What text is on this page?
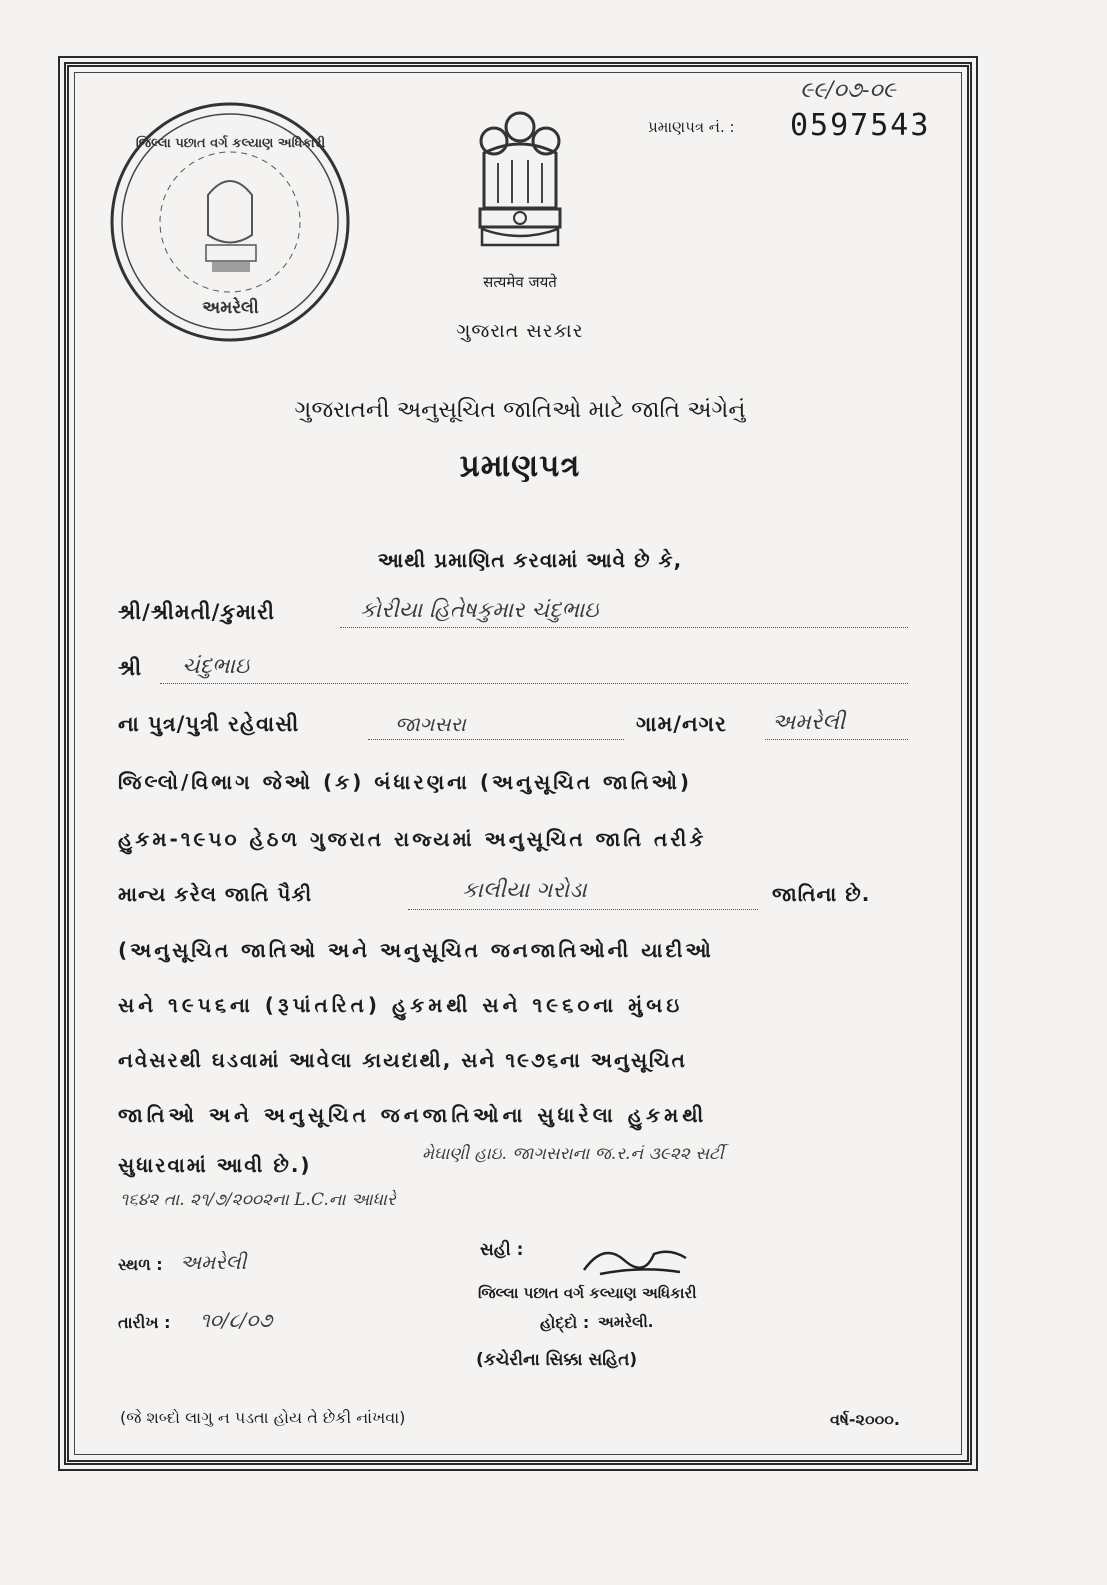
જિલ્લા પછાત વર્ગ કલ્યાણ અધિકારી
અમરેલી
सत्यमेव जयते
ગુજરાત સરકાર
૯૯/૦૭-૦૯
પ્રમાણપત્ર નં. : 0597543
ગુજરાતની અનુસૂચિત જાતિઓ માટે જાતિ અંગેનું
પ્રમાણપત્ર
આથી પ્રમાણિત કરવામાં આવે છે કે,
શ્રી/શ્રીમતી/કુમારી	કોરીયા હિતેષકુમાર ચંદુભાઇ
શ્રી ચંદુભાઇ
ના પુત્ર/પુત્રી રહેવાસી	જાગસરા	ગામ/નગર અમરેલી
જિલ્લો/વિભાગ જેઓ (ક) બંધારણના (અનુસૂચિત જાતિઓ)
હુકમ-૧૯૫૦ હેઠળ ગુજરાત રાજ્યમાં અનુસૂચિત જાતિ તરીકે
માન્ય કરેલ જાતિ પૈકી	કાલીયા ગરોડા	જાતિના છે.
(અનુસૂચિત જાતિઓ અને અનુસૂચિત જનજાતિઓની યાદીઓ
સને ૧૯૫૬ના (રૂપાંતરિત) હુકમથી સને ૧૯૬૦ના મુંબઇ
નવેસરથી ઘડવામાં આવેલા કાયદાથી, સને ૧૯૭૬ના અનુસૂચિત
જાતિઓ અને અનુસૂચિત જનજાતિઓના સુધારેલા હુકમથી
સુધારવામાં આવી છે.)	મેઘાણી હાઇ. જાગસરાના જ.ર.નં ૩૯૨૨ સર્ટી
૧૬૪૨ તા. ૨૧/૭/૨૦૦૨ના L.C.ના આધારે
સ્થળ : અમરેલી
તારીખ : ૧૦/૮/૦૭
સહી :
જિલ્લા પછાત વર્ગ કલ્યાણ અધિકારી
હોદ્દો : અમરેલી.
(કચેરીના સિક્કા સહિત)
(જે શબ્દો લાગુ ન પડતા હોય તે છેકી નાંખવા)	વર્ષ-૨૦૦૦.
